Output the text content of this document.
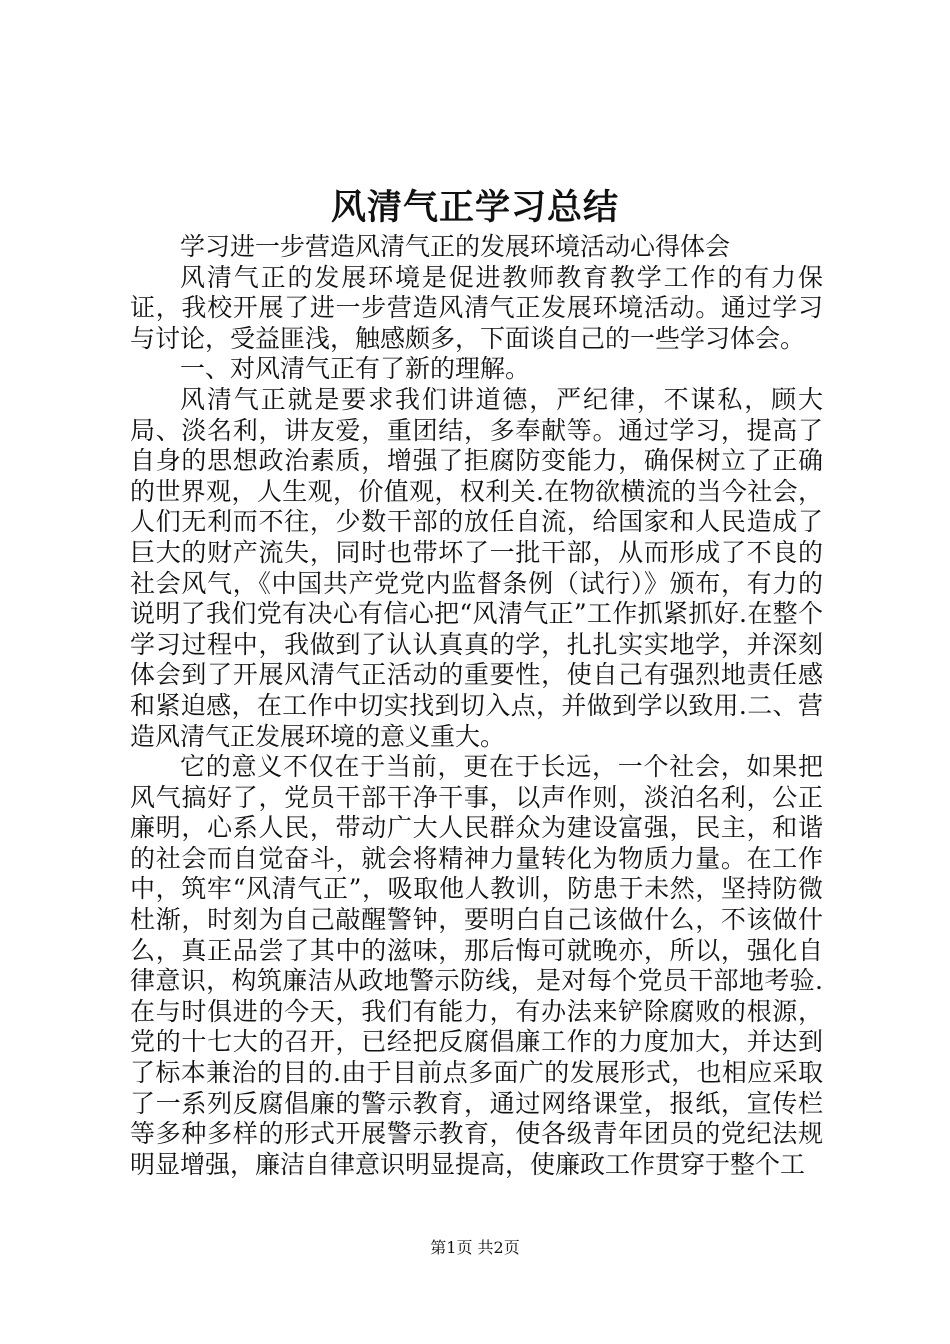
风清气正学习总结

学习进一步营造风清气正的发展环境活动心得体会

风清气正的发展环境是促进教师教育教学工作的有力保证，我校开展了进一步营造风清气正发展环境活动。通过学习与讨论，受益匪浅，触感颇多，下面谈自己的一些学习体会。

一、对风清气正有了新的理解。

风清气正就是要求我们讲道德，严纪律，不谋私，顾大局、淡名利，讲友爱，重团结，多奉献等。通过学习，提高了自身的思想政治素质，增强了拒腐防变能力，确保树立了正确的世界观，人生观，价值观，权利关.在物欲横流的当今社会，人们无利而不往，少数干部的放任自流，给国家和人民造成了巨大的财产流失，同时也带坏了一批干部，从而形成了不良的社会风气，《中国共产党党内监督条例（试行）》颁布，有力的说明了我们党有决心有信心把“风清气正”工作抓紧抓好.在整个学习过程中，我做到了认认真真的学，扎扎实实地学，并深刻体会到了开展风清气正活动的重要性，使自己有强烈地责任感和紧迫感，在工作中切实找到切入点，并做到学以致用.二、营造风清气正发展环境的意义重大。

它的意义不仅在于当前，更在于长远，一个社会，如果把风气搞好了，党员干部干净干事，以声作则，淡泊名利，公正廉明，心系人民，带动广大人民群众为建设富强，民主，和谐的社会而自觉奋斗，就会将精神力量转化为物质力量。在工作中，筑牢“风清气正”，吸取他人教训，防患于未然，坚持防微杜渐，时刻为自己敲醒警钟，要明白自己该做什么，不该做什么，真正品尝了其中的滋味，那后悔可就晚亦，所以，强化自律意识，构筑廉洁从政地警示防线，是对每个党员干部地考验.在与时俱进的今天，我们有能力，有办法来铲除腐败的根源，党的十七大的召开，已经把反腐倡廉工作的力度加大，并达到了标本兼治的目的.由于目前点多面广的发展形式，也相应采取了一系列反腐倡廉的警示教育，通过网络课堂，报纸，宣传栏等多种多样的形式开展警示教育，使各级青年团员的党纪法规明显增强，廉洁自律意识明显提高，使廉政工作贯穿于整个工

第1页 共2页
